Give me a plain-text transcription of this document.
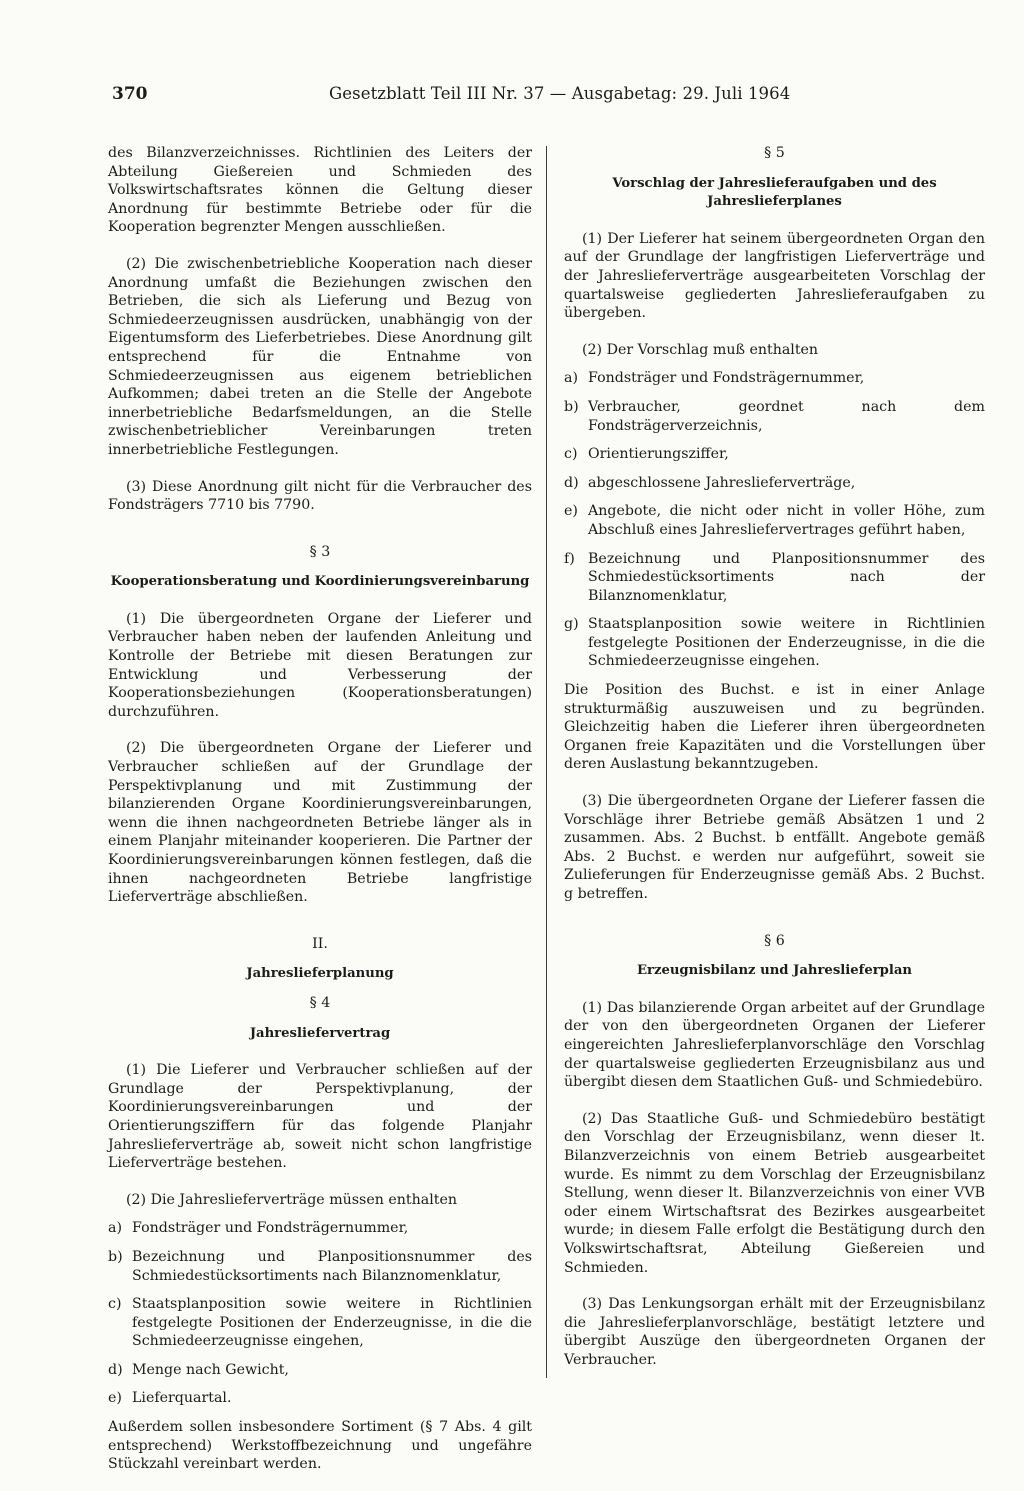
370	Gesetzblatt Teil III Nr. 37 — Ausgabetag: 29. Juli 1964

des Bilanzverzeichnisses. Richtlinien des Leiters der Abteilung Gießereien und Schmieden des Volkswirtschaftsrates können die Geltung dieser Anordnung für bestimmte Betriebe oder für die Kooperation begrenzter Mengen ausschließen.

(2) Die zwischenbetriebliche Kooperation nach dieser Anordnung umfaßt die Beziehungen zwischen den Betrieben, die sich als Lieferung und Bezug von Schmiedeerzeugnissen ausdrücken, unabhängig von der Eigentumsform des Lieferbetriebes. Diese Anordnung gilt entsprechend für die Entnahme von Schmiedeerzeugnissen aus eigenem betrieblichen Aufkommen; dabei treten an die Stelle der Angebote innerbetriebliche Bedarfsmeldungen, an die Stelle zwischenbetrieblicher Vereinbarungen treten innerbetriebliche Festlegungen.

(3) Diese Anordnung gilt nicht für die Verbraucher des Fondsträgers 7710 bis 7790.

§ 3

Kooperationsberatung und Koordinierungsvereinbarung

(1) Die übergeordneten Organe der Lieferer und Verbraucher haben neben der laufenden Anleitung und Kontrolle der Betriebe mit diesen Beratungen zur Entwicklung und Verbesserung der Kooperationsbeziehungen (Kooperationsberatungen) durchzuführen.

(2) Die übergeordneten Organe der Lieferer und Verbraucher schließen auf der Grundlage der Perspektivplanung und mit Zustimmung der bilanzierenden Organe Koordinierungsvereinbarungen, wenn die ihnen nachgeordneten Betriebe länger als in einem Planjahr miteinander kooperieren. Die Partner der Koordinierungsvereinbarungen können festlegen, daß die ihnen nachgeordneten Betriebe langfristige Lieferverträge abschließen.

II.

Jahreslieferplanung

§ 4

Jahresliefervertrag

(1) Die Lieferer und Verbraucher schließen auf der Grundlage der Perspektivplanung, der Koordinierungsvereinbarungen und der Orientierungsziffern für das folgende Planjahr Jahreslieferverträge ab, soweit nicht schon langfristige Lieferverträge bestehen.

(2) Die Jahreslieferverträge müssen enthalten

a) Fondsträger und Fondsträgernummer,
b) Bezeichnung und Planpositionsnummer des Schmiedestücksortiments nach Bilanznomenklatur,
c) Staatsplanposition sowie weitere in Richtlinien festgelegte Positionen der Enderzeugnisse, in die die Schmiedeerzeugnisse eingehen,
d) Menge nach Gewicht,
e) Lieferquartal.

Außerdem sollen insbesondere Sortiment (§ 7 Abs. 4 gilt entsprechend) Werkstoffbezeichnung und ungefähre Stückzahl vereinbart werden.

§ 5

Vorschlag der Jahreslieferaufgaben und des Jahreslieferplanes

(1) Der Lieferer hat seinem übergeordneten Organ den auf der Grundlage der langfristigen Lieferverträge und der Jahreslieferverträge ausgearbeiteten Vorschlag der quartalsweise gegliederten Jahreslieferaufgaben zu übergeben.

(2) Der Vorschlag muß enthalten

a) Fondsträger und Fondsträgernummer,
b) Verbraucher, geordnet nach dem Fondsträgerverzeichnis,
c) Orientierungsziffer,
d) abgeschlossene Jahreslieferverträge,
e) Angebote, die nicht oder nicht in voller Höhe, zum Abschluß eines Jahresliefervertrages geführt haben,
f) Bezeichnung und Planpositionsnummer des Schmiedestücksortiments nach der Bilanznomenklatur,
g) Staatsplanposition sowie weitere in Richtlinien festgelegte Positionen der Enderzeugnisse, in die die Schmiedeerzeugnisse eingehen.

Die Position des Buchst. e ist in einer Anlage strukturmäßig auszuweisen und zu begründen. Gleichzeitig haben die Lieferer ihren übergeordneten Organen freie Kapazitäten und die Vorstellungen über deren Auslastung bekanntzugeben.

(3) Die übergeordneten Organe der Lieferer fassen die Vorschläge ihrer Betriebe gemäß Absätzen 1 und 2 zusammen. Abs. 2 Buchst. b entfällt. Angebote gemäß Abs. 2 Buchst. e werden nur aufgeführt, soweit sie Zulieferungen für Enderzeugnisse gemäß Abs. 2 Buchst. g betreffen.

§ 6

Erzeugnisbilanz und Jahreslieferplan

(1) Das bilanzierende Organ arbeitet auf der Grundlage der von den übergeordneten Organen der Lieferer eingereichten Jahreslieferplanvorschläge den Vorschlag der quartalsweise gegliederten Erzeugnisbilanz aus und übergibt diesen dem Staatlichen Guß- und Schmiedebüro.

(2) Das Staatliche Guß- und Schmiedebüro bestätigt den Vorschlag der Erzeugnisbilanz, wenn dieser lt. Bilanzverzeichnis von einem Betrieb ausgearbeitet wurde. Es nimmt zu dem Vorschlag der Erzeugnisbilanz Stellung, wenn dieser lt. Bilanzverzeichnis von einer VVB oder einem Wirtschaftsrat des Bezirkes ausgearbeitet wurde; in diesem Falle erfolgt die Bestätigung durch den Volkswirtschaftsrat, Abteilung Gießereien und Schmieden.

(3) Das Lenkungsorgan erhält mit der Erzeugnisbilanz die Jahreslieferplanvorschläge, bestätigt letztere und übergibt Auszüge den übergeordneten Organen der Verbraucher.
